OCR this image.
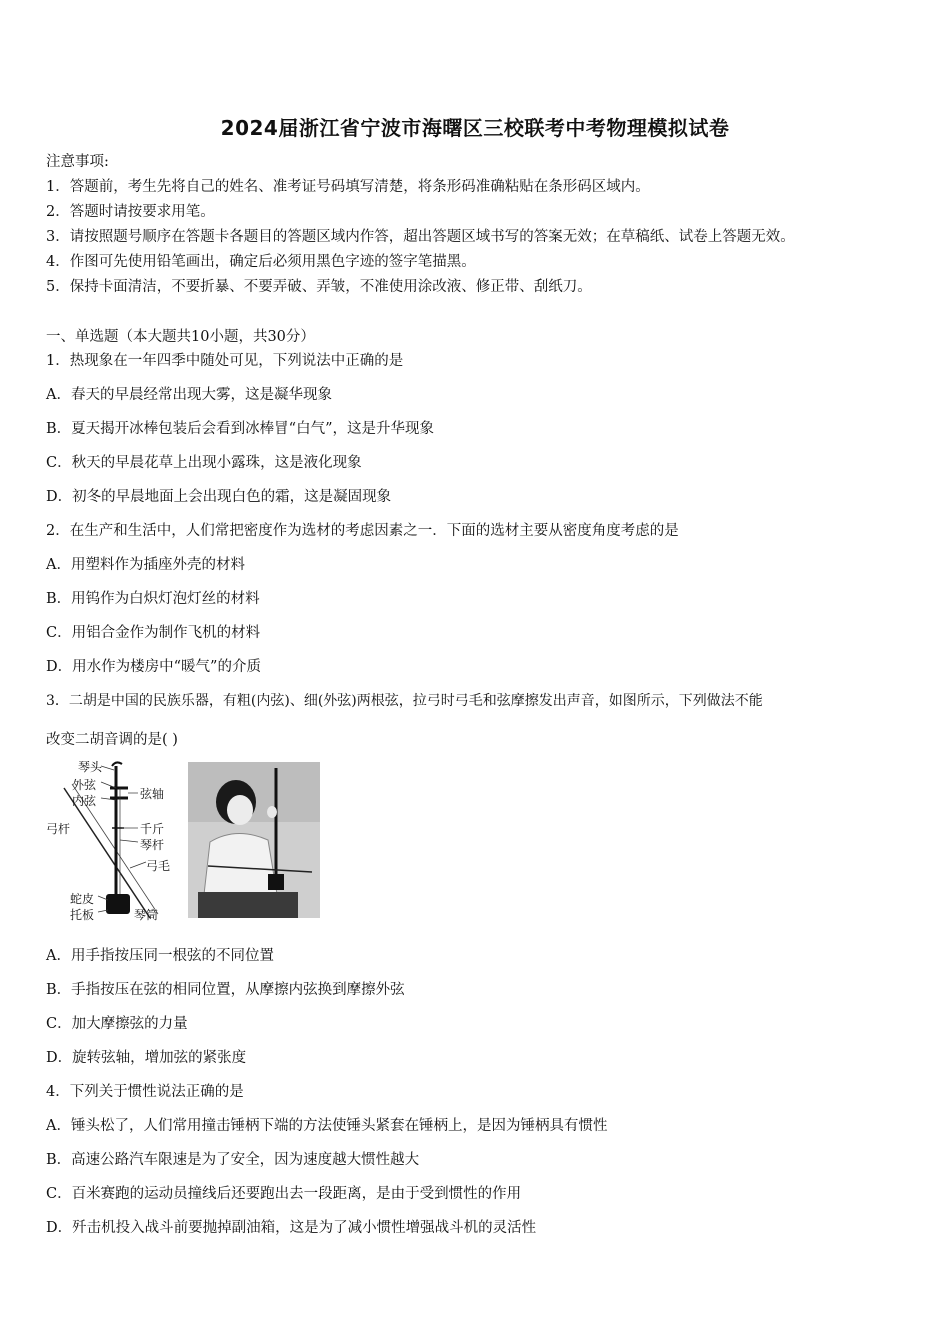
2024届浙江省宁波市海曙区三校联考中考物理模拟试卷
注意事项:
1．答题前，考生先将自己的姓名、准考证号码填写清楚，将条形码准确粘贴在条形码区域内。
2．答题时请按要求用笔。
3．请按照题号顺序在答题卡各题目的答题区域内作答，超出答题区域书写的答案无效；在草稿纸、试卷上答题无效。
4．作图可先使用铅笔画出，确定后必须用黑色字迹的签字笔描黑。
5．保持卡面清洁，不要折暴、不要弄破、弄皱，不准使用涂改液、修正带、刮纸刀。
一、单选题（本大题共10小题，共30分）
1．热现象在一年四季中随处可见，下列说法中正确的是
A．春天的早晨经常出现大雾，这是凝华现象
B．夏天揭开冰棒包装后会看到冰棒冒“白气”，这是升华现象
C．秋天的早晨花草上出现小露珠，这是液化现象
D．初冬的早晨地面上会出现白色的霜，这是凝固现象
2．在生产和生活中，人们常把密度作为选材的考虑因素之一．下面的选材主要从密度角度考虑的是
A．用塑料作为插座外壳的材料
B．用钨作为白炽灯泡灯丝的材料
C．用铝合金作为制作飞机的材料
D．用水作为楼房中“暖气”的介质
3．二胡是中国的民族乐器，有粗(内弦)、细(外弦)两根弦，拉弓时弓毛和弦摩擦发出声音，如图所示，下列做法不能
改变二胡音调的是( )
琴头
外弦
内弦	弦轴
弓杆	千斤
琴杆
弓毛
蛇皮
托板	琴筒
A．用手指按压同一根弦的不同位置
B．手指按压在弦的相同位置，从摩擦内弦换到摩擦外弦
C．加大摩擦弦的力量
D．旋转弦轴，增加弦的紧张度
4．下列关于惯性说法正确的是
A．锤头松了，人们常用撞击锤柄下端的方法使锤头紧套在锤柄上，是因为锤柄具有惯性
B．高速公路汽车限速是为了安全，因为速度越大惯性越大
C．百米赛跑的运动员撞线后还要跑出去一段距离，是由于受到惯性的作用
D．歼击机投入战斗前要抛掉副油箱，这是为了减小惯性增强战斗机的灵活性
